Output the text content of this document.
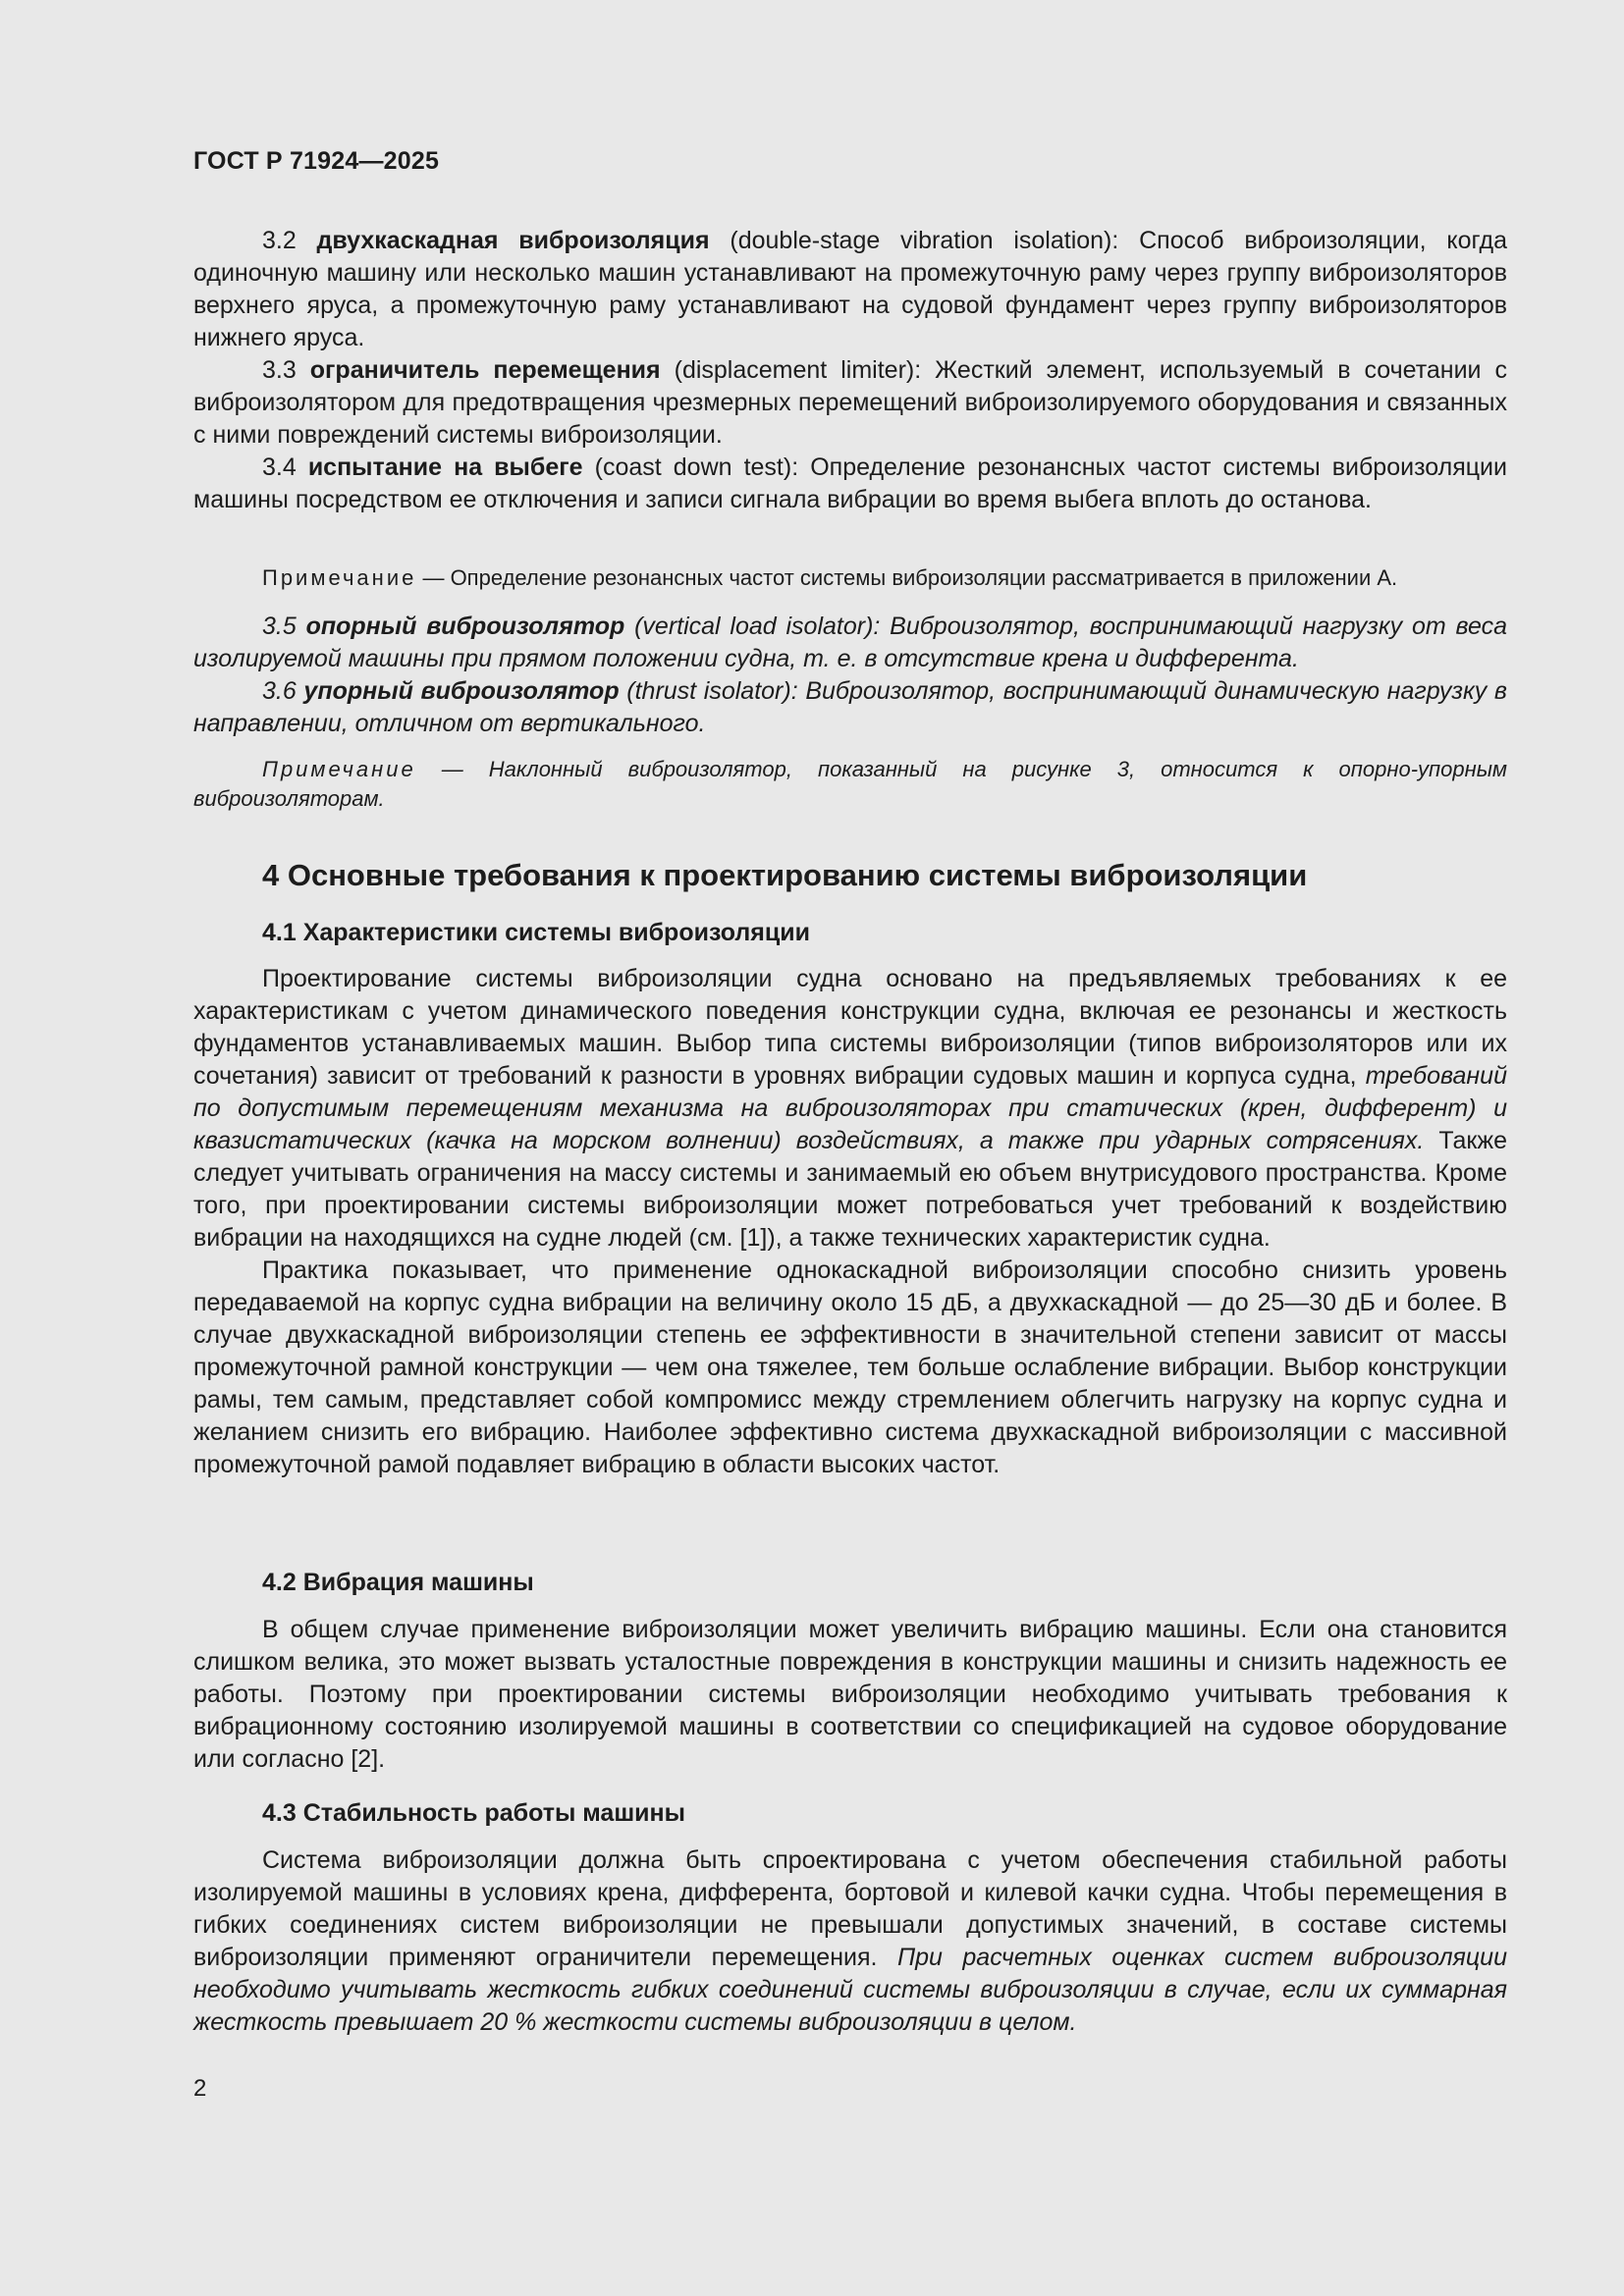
ГОСТ Р 71924—2025

3.2 двухкаскадная виброизоляция (double-stage vibration isolation): Способ виброизоляции, когда одиночную машину или несколько машин устанавливают на промежуточную раму через группу виброизоляторов верхнего яруса, а промежуточную раму устанавливают на судовой фундамент через группу виброизоляторов нижнего яруса.

3.3 ограничитель перемещения (displacement limiter): Жесткий элемент, используемый в сочетании с виброизолятором для предотвращения чрезмерных перемещений виброизолируемого оборудования и связанных с ними повреждений системы виброизоляции.

3.4 испытание на выбеге (coast down test): Определение резонансных частот системы виброизоляции машины посредством ее отключения и записи сигнала вибрации во время выбега вплоть до останова.

Примечание — Определение резонансных частот системы виброизоляции рассматривается в приложении А.

3.5 опорный виброизолятор (vertical load isolator): Виброизолятор, воспринимающий нагрузку от веса изолируемой машины при прямом положении судна, т. е. в отсутствие крена и дифферента.

3.6 упорный виброизолятор (thrust isolator): Виброизолятор, воспринимающий динамическую нагрузку в направлении, отличном от вертикального.

Примечание — Наклонный виброизолятор, показанный на рисунке 3, относится к опорно-упорным виброизоляторам.

4 Основные требования к проектированию системы виброизоляции
4.1 Характеристики системы виброизоляции

Проектирование системы виброизоляции судна основано на предъявляемых требованиях к ее характеристикам с учетом динамического поведения конструкции судна, включая ее резонансы и жесткость фундаментов устанавливаемых машин. Выбор типа системы виброизоляции (типов виброизоляторов или их сочетания) зависит от требований к разности в уровнях вибрации судовых машин и корпуса судна, требований по допустимым перемещениям механизма на виброизоляторах при статических (крен, дифферент) и квазистатических (качка на морском волнении) воздействиях, а также при ударных сотрясениях. Также следует учитывать ограничения на массу системы и занимаемый ею объем внутрисудового пространства. Кроме того, при проектировании системы виброизоляции может потребоваться учет требований к воздействию вибрации на находящихся на судне людей (см. [1]), а также технических характеристик судна.

Практика показывает, что применение однокаскадной виброизоляции способно снизить уровень передаваемой на корпус судна вибрации на величину около 15 дБ, а двухкаскадной — до 25—30 дБ и более. В случае двухкаскадной виброизоляции степень ее эффективности в значительной степени зависит от массы промежуточной рамной конструкции — чем она тяжелее, тем больше ослабление вибрации. Выбор конструкции рамы, тем самым, представляет собой компромисс между стремлением облегчить нагрузку на корпус судна и желанием снизить его вибрацию. Наиболее эффективно система двухкаскадной виброизоляции с массивной промежуточной рамой подавляет вибрацию в области высоких частот.

4.2 Вибрация машины

В общем случае применение виброизоляции может увеличить вибрацию машины. Если она становится слишком велика, это может вызвать усталостные повреждения в конструкции машины и снизить надежность ее работы. Поэтому при проектировании системы виброизоляции необходимо учитывать требования к вибрационному состоянию изолируемой машины в соответствии со спецификацией на судовое оборудование или согласно [2].

4.3 Стабильность работы машины

Система виброизоляции должна быть спроектирована с учетом обеспечения стабильной работы изолируемой машины в условиях крена, дифферента, бортовой и килевой качки судна. Чтобы перемещения в гибких соединениях систем виброизоляции не превышали допустимых значений, в составе системы виброизоляции применяют ограничители перемещения. При расчетных оценках систем виброизоляции необходимо учитывать жесткость гибких соединений системы виброизоляции в случае, если их суммарная жесткость превышает 20 % жесткости системы виброизоляции в целом.

2
